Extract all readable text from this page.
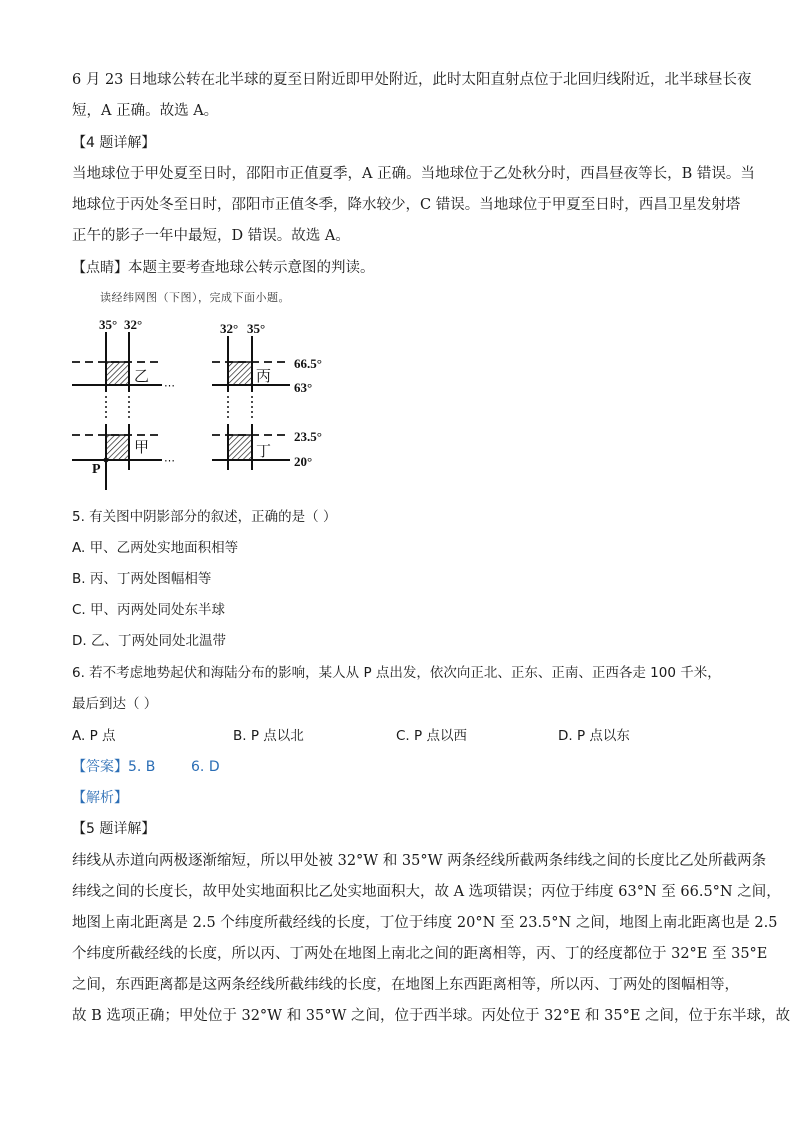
6 月 23 日地球公转在北半球的夏至日附近即甲处附近，此时太阳直射点位于北回归线附近，北半球昼长夜
短，A 正确。故选 A。
【4 题详解】
当地球位于甲处夏至日时，邵阳市正值夏季，A 正确。当地球位于乙处秋分时，西昌昼夜等长，B 错误。当
地球位于丙处冬至日时，邵阳市正值冬季，降水较少，C 错误。当地球位于甲夏至日时，西昌卫星发射塔
正午的影子一年中最短，D 错误。故选 A。
【点睛】本题主要考查地球公转示意图的判读。
读经纬网图（下图），完成下面小题。
35° 32°	32° 35°
乙	丙
甲	丁
⋯
⋯
66.5°
63°
23.5°
20°
P
5. 有关图中阴影部分的叙述，正确的是（ ）
A. 甲、乙两处实地面积相等
B. 丙、丁两处图幅相等
C. 甲、丙两处同处东半球
D. 乙、丁两处同处北温带
6. 若不考虑地势起伏和海陆分布的影响，某人从 P 点出发，依次向正北、正东、正南、正西各走 100 千米，
最后到达（ ）
A. P 点	B. P 点以北	C. P 点以西	D. P 点以东
【答案】5. B        6. D
【解析】
【5 题详解】
纬线从赤道向两极逐渐缩短，所以甲处被 32°W 和 35°W 两条经线所截两条纬线之间的长度比乙处所截两条
纬线之间的长度长，故甲处实地面积比乙处实地面积大，故 A 选项错误；丙位于纬度 63°N 至 66.5°N 之间，
地图上南北距离是 2.5 个纬度所截经线的长度，丁位于纬度 20°N 至 23.5°N 之间，地图上南北距离也是 2.5
个纬度所截经线的长度，所以丙、丁两处在地图上南北之间的距离相等，丙、丁的经度都位于 32°E 至 35°E
之间，东西距离都是这两条经线所截纬线的长度，在地图上东西距离相等，所以丙、丁两处的图幅相等，
故 B 选项正确；甲处位于 32°W 和 35°W 之间，位于西半球。丙处位于 32°E 和 35°E 之间，位于东半球，故
